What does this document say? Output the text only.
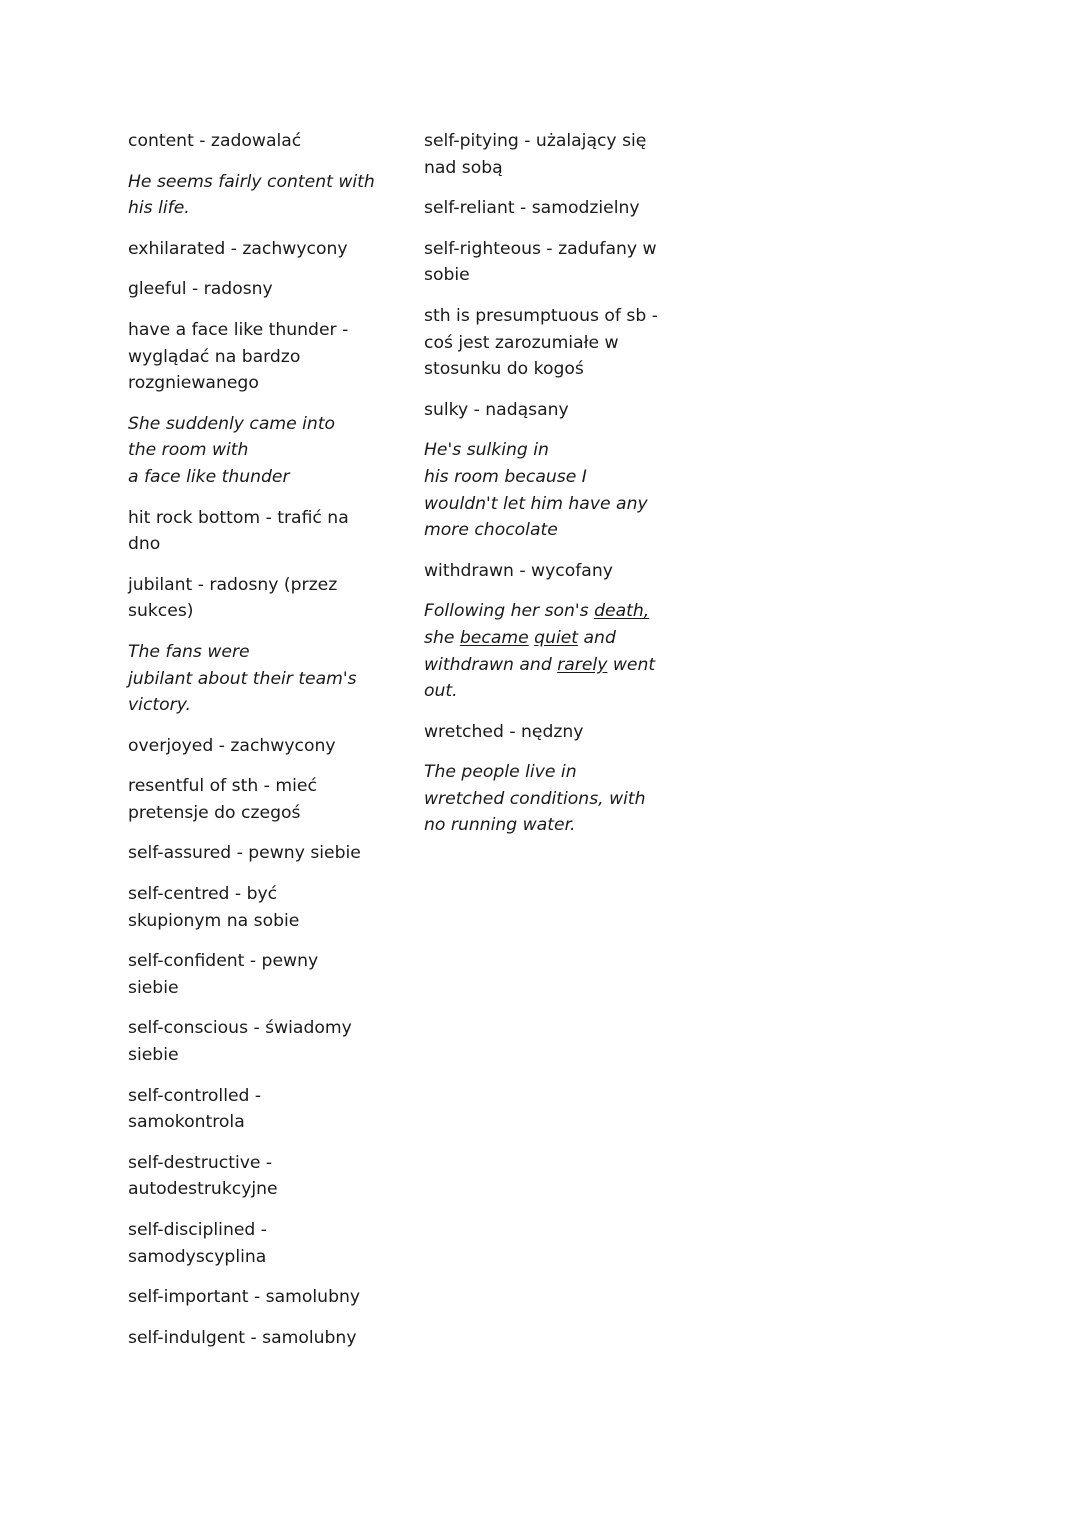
content - zadowalać
He seems fairly content with
his life.
exhilarated - zachwycony
gleeful - radosny
have a face like thunder -
wyglądać na bardzo
rozgniewanego
She suddenly came into
the room with
a face like thunder
hit rock bottom - trafić na
dno
jubilant - radosny (przez
sukces)
The fans were
jubilant about their team's
victory.
overjoyed - zachwycony
resentful of sth - mieć
pretensje do czegoś
self-assured - pewny siebie
self-centred - być
skupionym na sobie
self-confident - pewny
siebie
self-conscious - świadomy
siebie
self-controlled -
samokontrola
self-destructive -
autodestrukcyjne
self-disciplined -
samodyscyplina
self-important - samolubny
self-indulgent - samolubny
self-pitying - użalający się
nad sobą
self-reliant - samodzielny
self-righteous - zadufany w
sobie
sth is presumptuous of sb -
coś jest zarozumiałe w
stosunku do kogoś
sulky - nadąsany
He's sulking in
his room because I
wouldn't let him have any
more chocolate
withdrawn - wycofany
Following her son's death,
she became quiet and
withdrawn and rarely went
out.
wretched - nędzny
The people live in
wretched conditions, with
no running water.
